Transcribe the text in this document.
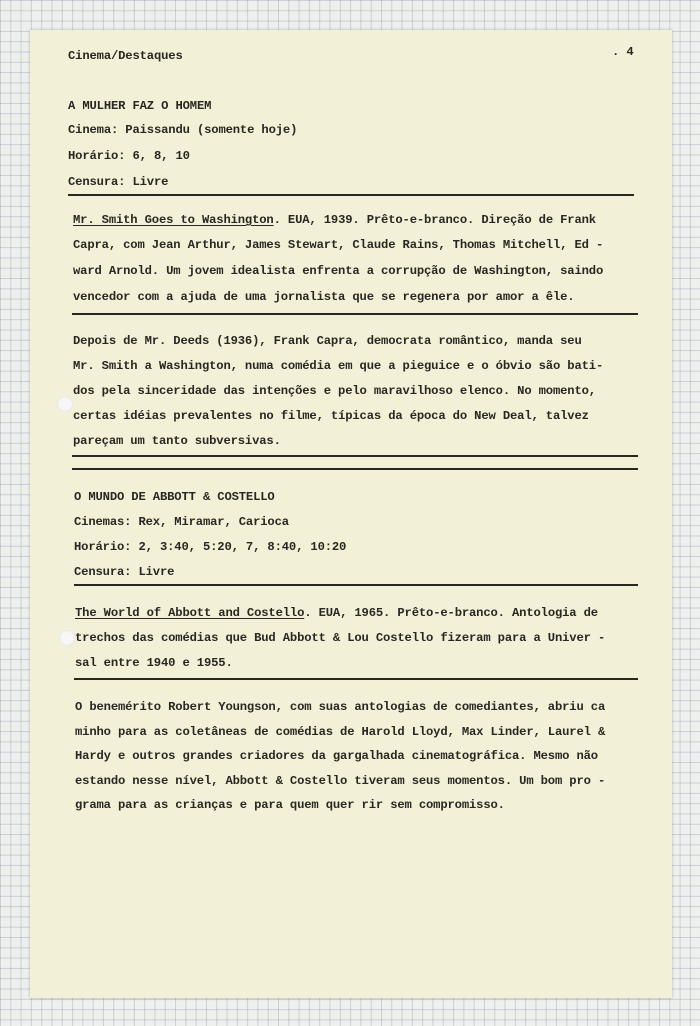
Cinema/Destaques	. 4
A MULHER FAZ O HOMEM
Cinema: Paissandu (somente hoje)
Horário: 6, 8, 10
Censura: Livre
Mr. Smith Goes to Washington. EUA, 1939. Prêto-e-branco. Direção de Frank
Capra, com Jean Arthur, James Stewart, Claude Rains, Thomas Mitchell, Ed -
ward Arnold. Um jovem idealista enfrenta a corrupção de Washington, saindo
vencedor com a ajuda de uma jornalista que se regenera por amor a êle.
Depois de Mr. Deeds (1936), Frank Capra, democrata romântico, manda seu
Mr. Smith a Washington, numa comédia em que a pieguice e o óbvio são bati-
dos pela sinceridade das intenções e pelo maravilhoso elenco. No momento,
certas idéias prevalentes no filme, típicas da época do New Deal, talvez
pareçam um tanto subversivas.
O MUNDO DE ABBOTT & COSTELLO
Cinemas: Rex, Miramar, Carioca
Horário: 2, 3:40, 5:20, 7, 8:40, 10:20
Censura: Livre
The World of Abbott and Costello. EUA, 1965. Prêto-e-branco. Antologia de
trechos das comédias que Bud Abbott & Lou Costello fizeram para a Univer -
sal entre 1940 e 1955.
O benemérito Robert Youngson, com suas antologias de comediantes, abriu ca
minho para as coletâneas de comédias de Harold Lloyd, Max Linder, Laurel &
Hardy e outros grandes criadores da gargalhada cinematográfica. Mesmo não
estando nesse nível, Abbott & Costello tiveram seus momentos. Um bom pro -
grama para as crianças e para quem quer rir sem compromisso.
